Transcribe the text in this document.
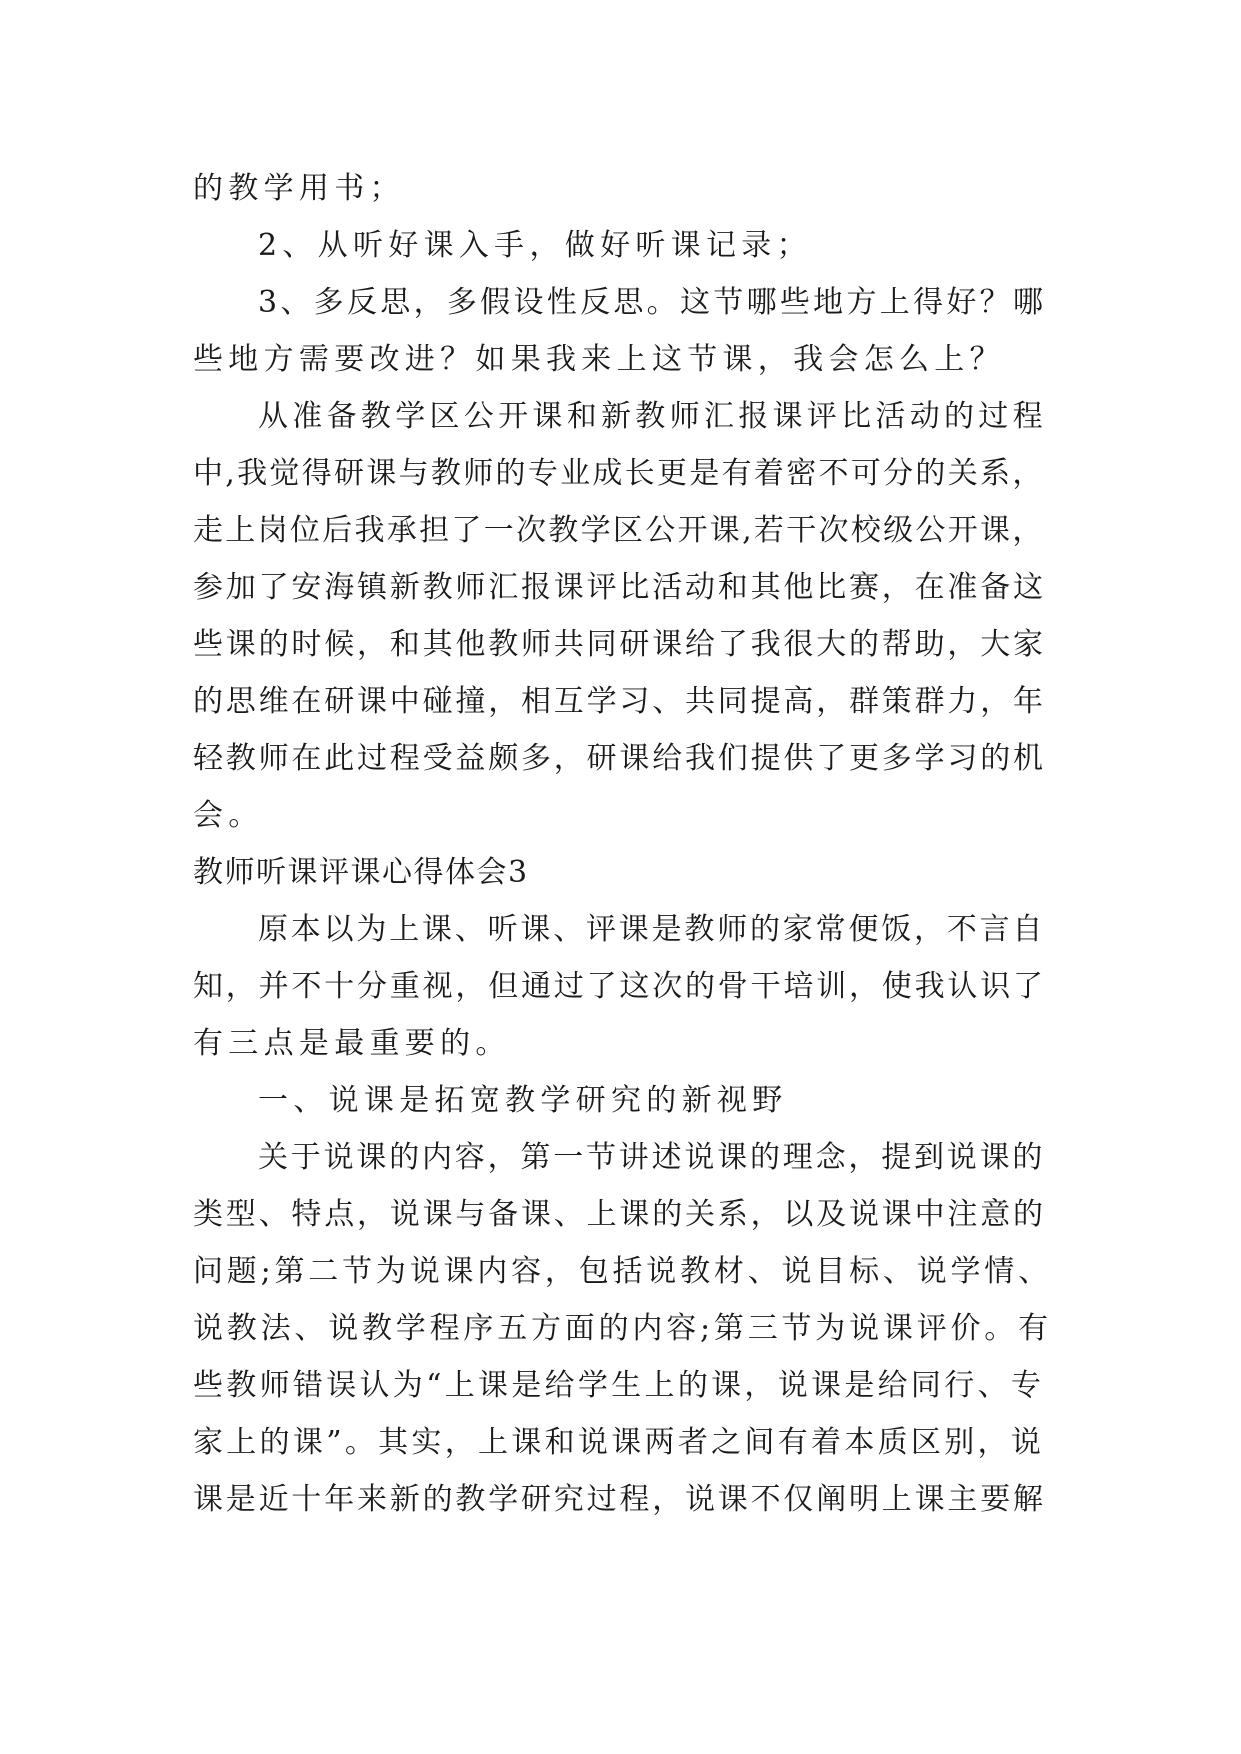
的教学用书；
2、从听好课入手，做好听课记录；
3、多反思，多假设性反思。这节哪些地方上得好？哪
些地方需要改进？如果我来上这节课，我会怎么上？
从准备教学区公开课和新教师汇报课评比活动的过程
中,我觉得研课与教师的专业成长更是有着密不可分的关系，
走上岗位后我承担了一次教学区公开课,若干次校级公开课，
参加了安海镇新教师汇报课评比活动和其他比赛，在准备这
些课的时候，和其他教师共同研课给了我很大的帮助，大家
的思维在研课中碰撞，相互学习、共同提高，群策群力，年
轻教师在此过程受益颇多，研课给我们提供了更多学习的机
会。
教师听课评课心得体会3
原本以为上课、听课、评课是教师的家常便饭，不言自
知，并不十分重视，但通过了这次的骨干培训，使我认识了
有三点是最重要的。
一、说课是拓宽教学研究的新视野
关于说课的内容，第一节讲述说课的理念，提到说课的
类型、特点，说课与备课、上课的关系，以及说课中注意的
问题;第二节为说课内容，包括说教材、说目标、说学情、
说教法、说教学程序五方面的内容;第三节为说课评价。有
些教师错误认为“上课是给学生上的课，说课是给同行、专
家上的课”。其实，上课和说课两者之间有着本质区别，说
课是近十年来新的教学研究过程，说课不仅阐明上课主要解
